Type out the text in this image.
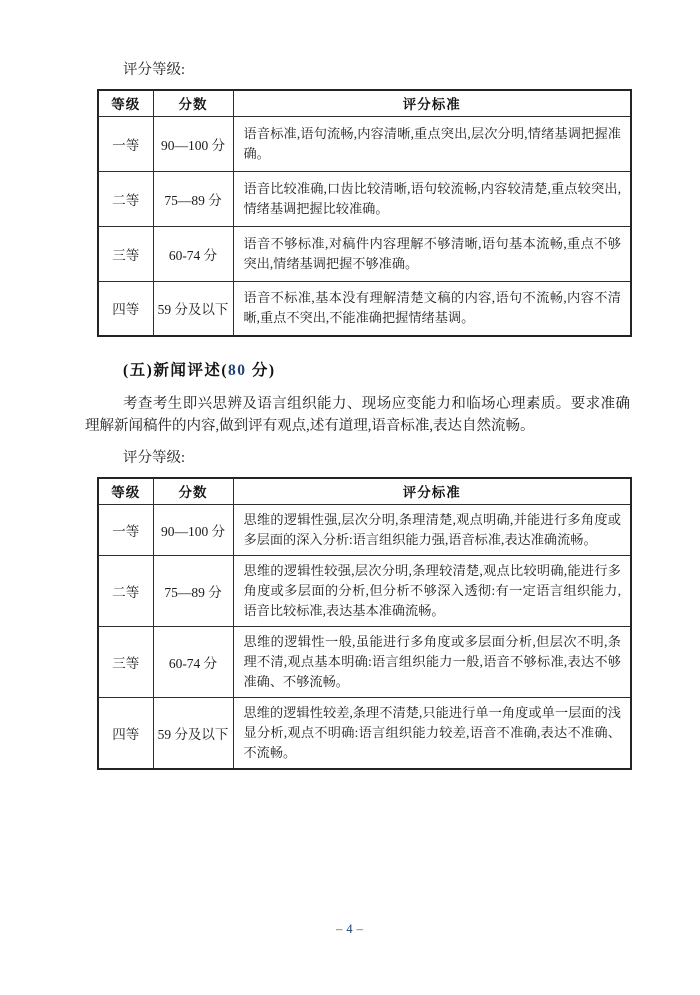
评分等级:

等级	分数	评分标准
一等	90—100 分	语音标准,语句流畅,内容清晰,重点突出,层次分明,情绪基调把握准确。
二等	75—89 分	语音比较准确,口齿比较清晰,语句较流畅,内容较清楚,重点较突出,情绪基调把握比较准确。
三等	60-74 分	语音不够标准,对稿件内容理解不够清晰,语句基本流畅,重点不够突出,情绪基调把握不够准确。
四等	59 分及以下	语音不标准,基本没有理解清楚文稿的内容,语句不流畅,内容不清晰,重点不突出,不能准确把握情绪基调。
(五)新闻评述(80 分)

考查考生即兴思辨及语言组织能力、现场应变能力和临场心理素质。要求准确理解新闻稿件的内容,做到评有观点,述有道理,语音标准,表达自然流畅。

评分等级:

等级	分数	评分标准
一等	90—100 分	思维的逻辑性强,层次分明,条理清楚,观点明确,并能进行多角度或多层面的深入分析:语言组织能力强,语音标准,表达准确流畅。
二等	75—89 分	思维的逻辑性较强,层次分明,条理较清楚,观点比较明确,能进行多角度或多层面的分析,但分析不够深入透彻:有一定语言组织能力,语音比较标准,表达基本准确流畅。
三等	60-74 分	思维的逻辑性一般,虽能进行多角度或多层面分析,但层次不明,条理不清,观点基本明确:语言组织能力一般,语音不够标准,表达不够准确、不够流畅。
四等	59 分及以下	思维的逻辑性较差,条理不清楚,只能进行单一角度或单一层面的浅显分析,观点不明确:语言组织能力较差,语音不准确,表达不准确、不流畅。
– 4 –
